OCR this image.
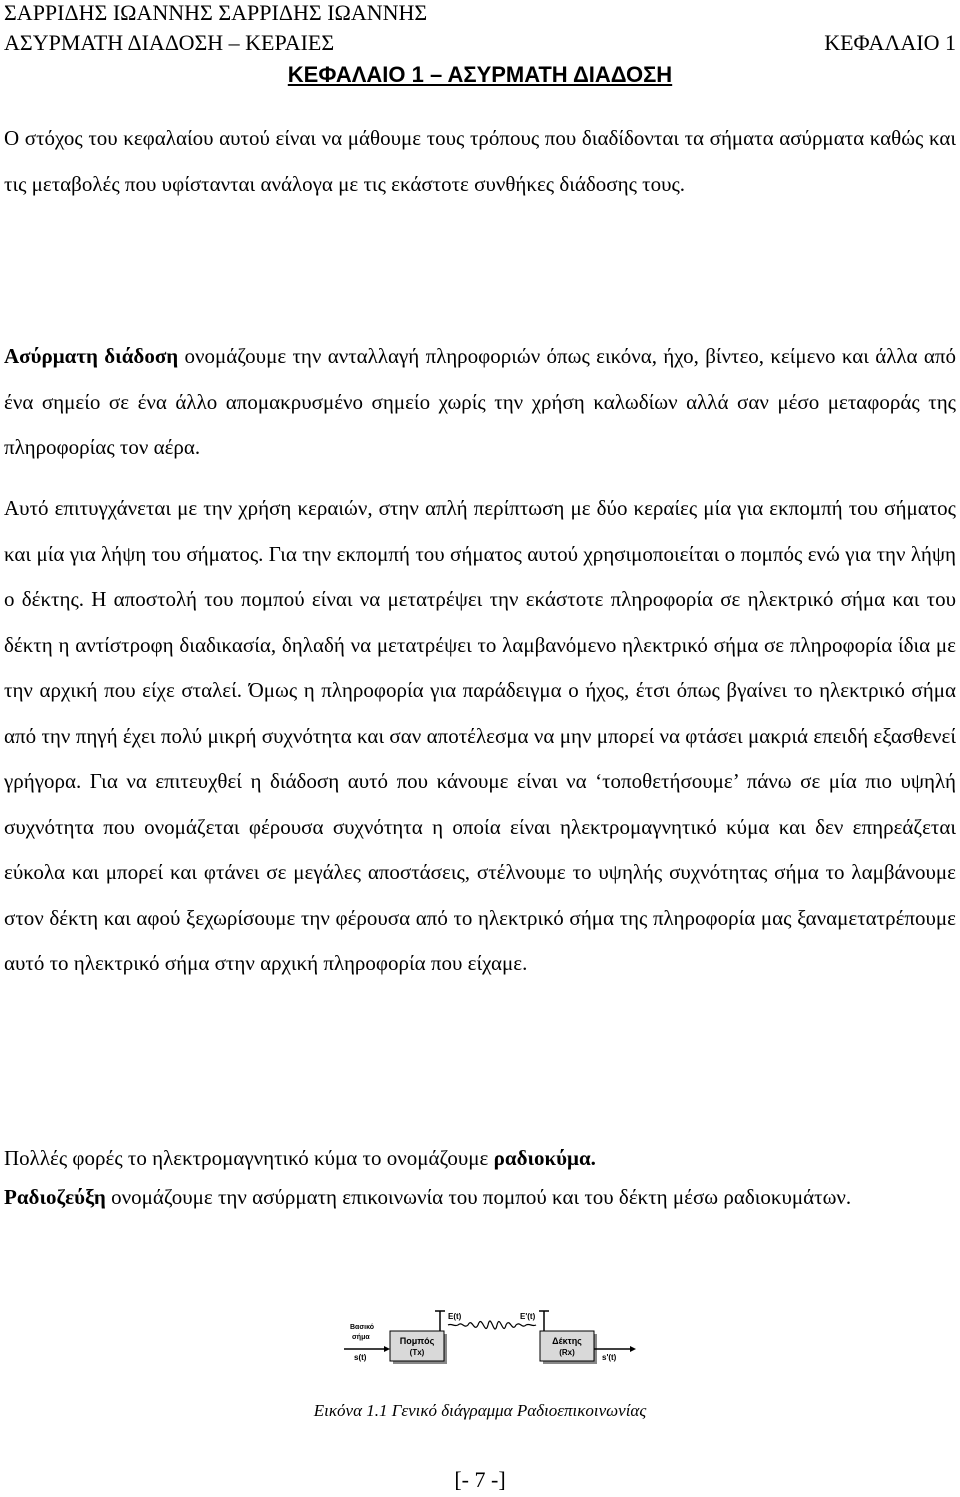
ΣΑΡΡΙΔΗΣ ΙΩΑΝΝΗΣ ΣΑΡΡΙΔΗΣ ΙΩΑΝΝΗΣ
ΑΣΥΡΜΑΤΗ ΔΙΑΔΟΣΗ – ΚΕΡΑΙΕΣ	ΚΕΦΑΛΑΙΟ 1
ΚΕΦΑΛΑΙΟ 1 – ΑΣΥΡΜΑΤΗ ΔΙΑΔΟΣΗ

Ο στόχος του κεφαλαίου αυτού είναι να μάθουμε τους τρόπους που διαδίδονται τα σήματα ασύρματα καθώς και τις μεταβολές που υφίστανται ανάλογα με τις εκάστοτε συνθήκες διάδοσης τους.

Ασύρματη διάδοση ονομάζουμε την ανταλλαγή πληροφοριών όπως εικόνα, ήχο, βίντεο, κείμενο και άλλα από ένα σημείο σε ένα άλλο απομακρυσμένο σημείο χωρίς την χρήση καλωδίων αλλά σαν μέσο μεταφοράς της πληροφορίας τον αέρα.

Αυτό επιτυγχάνεται με την χρήση κεραιών, στην απλή περίπτωση με δύο κεραίες μία για εκπομπή του σήματος και μία για λήψη του σήματος. Για την εκπομπή του σήματος αυτού χρησιμοποιείται ο πομπός ενώ για την λήψη ο δέκτης. Η αποστολή του πομπού είναι να μετατρέψει την εκάστοτε πληροφορία σε ηλεκτρικό σήμα και του δέκτη η αντίστροφη διαδικασία, δηλαδή να μετατρέψει το λαμβανόμενο ηλεκτρικό σήμα σε πληροφορία ίδια με την αρχική που είχε σταλεί. Όμως η πληροφορία για παράδειγμα ο ήχος, έτσι όπως βγαίνει το ηλεκτρικό σήμα από την πηγή έχει πολύ μικρή συχνότητα και σαν αποτέλεσμα να μην μπορεί να φτάσει μακριά επειδή εξασθενεί γρήγορα. Για να επιτευχθεί η διάδοση αυτό που κάνουμε είναι να ‘τοποθετήσουμε’ πάνω σε μία πιο υψηλή συχνότητα που ονομάζεται φέρουσα συχνότητα η οποία είναι ηλεκτρομαγνητικό κύμα και δεν επηρεάζεται εύκολα και μπορεί και φτάνει σε μεγάλες αποστάσεις, στέλνουμε το υψηλής συχνότητας σήμα το λαμβάνουμε στον δέκτη και αφού ξεχωρίσουμε την φέρουσα από το ηλεκτρικό σήμα της πληροφορία μας ξαναμετατρέπουμε αυτό το ηλεκτρικό σήμα στην αρχική πληροφορία που είχαμε.

Πολλές φορές το ηλεκτρομαγνητικό κύμα το ονομάζουμε ραδιοκύμα.

Ραδιοζεύξη ονομάζουμε την ασύρματη επικοινωνία του πομπού και του δέκτη μέσω ραδιοκυμάτων.

Βασικό
σήμα
s(t)
Πομπός
(Tx)
E(t)	E'(t)
Δέκτης
(Rx)
s'(t)
Εικόνα 1.1 Γενικό διάγραμμα Ραδιοεπικοινωνίας
[- 7 -]
